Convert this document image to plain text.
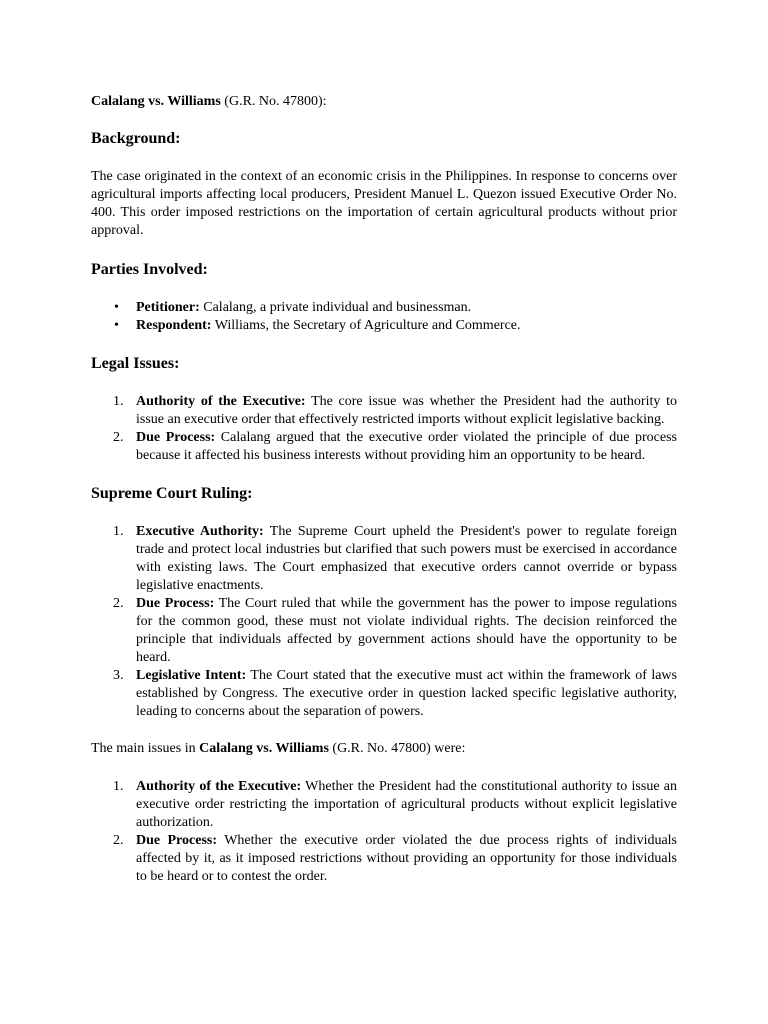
Calalang vs. Williams (G.R. No. 47800):

Background:

The case originated in the context of an economic crisis in the Philippines. In response to concerns over agricultural imports affecting local producers, President Manuel L. Quezon issued Executive Order No. 400. This order imposed restrictions on the importation of certain agricultural products without prior approval.

Parties Involved:
• Petitioner: Calalang, a private individual and businessman.
• Respondent: Williams, the Secretary of Agriculture and Commerce.
Legal Issues:
1. Authority of the Executive: The core issue was whether the President had the authority to issue an executive order that effectively restricted imports without explicit legislative backing.
2. Due Process: Calalang argued that the executive order violated the principle of due process because it affected his business interests without providing him an opportunity to be heard.
Supreme Court Ruling:
1. Executive Authority: The Supreme Court upheld the President's power to regulate foreign trade and protect local industries but clarified that such powers must be exercised in accordance with existing laws. The Court emphasized that executive orders cannot override or bypass legislative enactments.
2. Due Process: The Court ruled that while the government has the power to impose regulations for the common good, these must not violate individual rights. The decision reinforced the principle that individuals affected by government actions should have the opportunity to be heard.
3. Legislative Intent: The Court stated that the executive must act within the framework of laws established by Congress. The executive order in question lacked specific legislative authority, leading to concerns about the separation of powers.

The main issues in Calalang vs. Williams (G.R. No. 47800) were:

1. Authority of the Executive: Whether the President had the constitutional authority to issue an executive order restricting the importation of agricultural products without explicit legislative authorization.
2. Due Process: Whether the executive order violated the due process rights of individuals affected by it, as it imposed restrictions without providing an opportunity for those individuals to be heard or to contest the order.
